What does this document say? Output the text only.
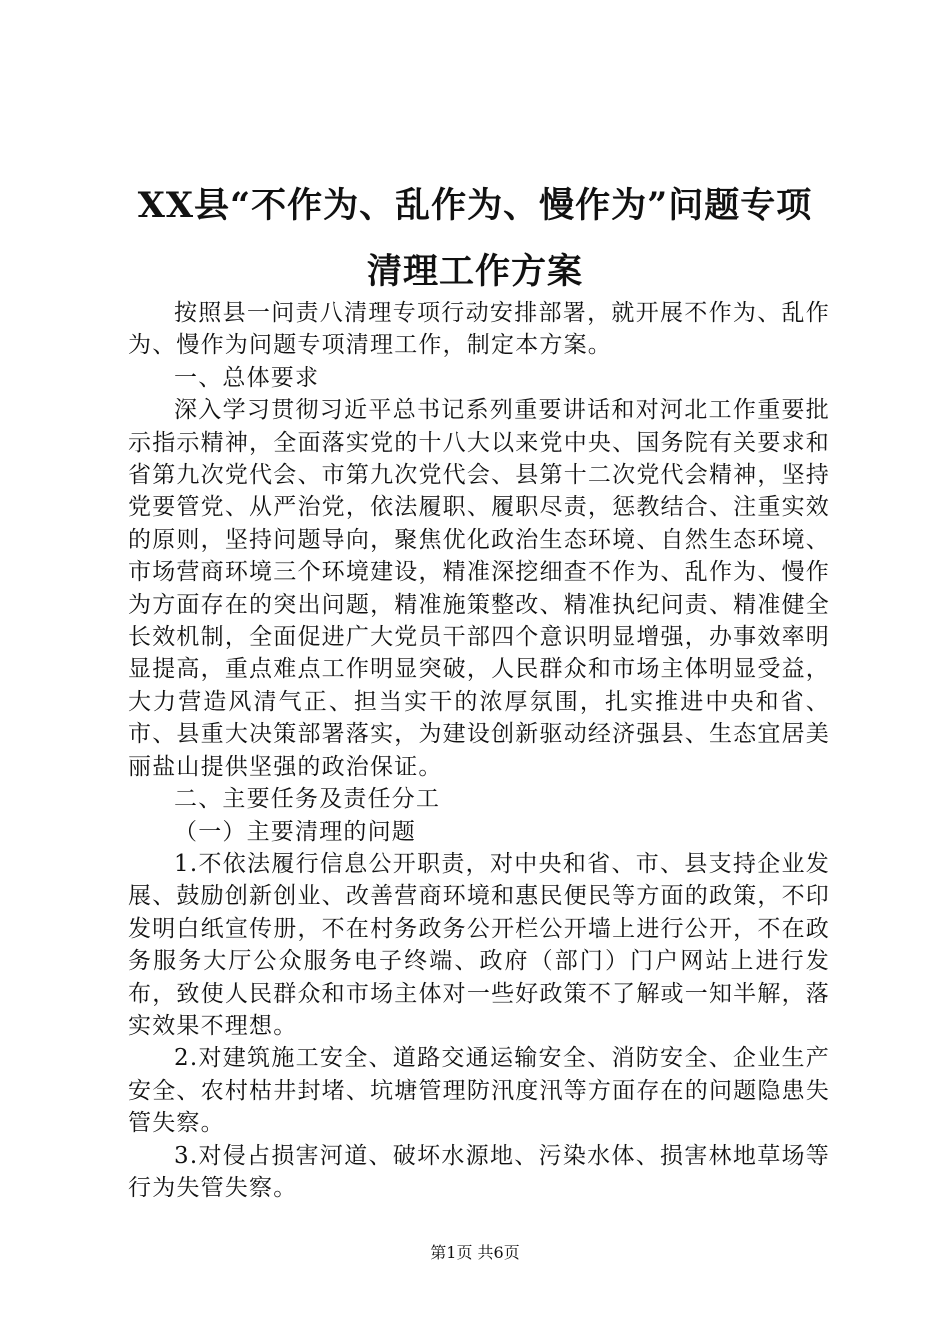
XX县“不作为、乱作为、慢作为”问题专项
清理工作方案

按照县一问责八清理专项行动安排部署，就开展不作为、乱作为、慢作为问题专项清理工作，制定本方案。

一、总体要求

深入学习贯彻习近平总书记系列重要讲话和对河北工作重要批示指示精神，全面落实党的十八大以来党中央、国务院有关要求和省第九次党代会、市第九次党代会、县第十二次党代会精神，坚持党要管党、从严治党，依法履职、履职尽责，惩教结合、注重实效的原则，坚持问题导向，聚焦优化政治生态环境、自然生态环境、市场营商环境三个环境建设，精准深挖细查不作为、乱作为、慢作为方面存在的突出问题，精准施策整改、精准执纪问责、精准健全长效机制，全面促进广大党员干部四个意识明显增强，办事效率明显提高，重点难点工作明显突破，人民群众和市场主体明显受益，大力营造风清气正、担当实干的浓厚氛围，扎实推进中央和省、市、县重大决策部署落实，为建设创新驱动经济强县、生态宜居美丽盐山提供坚强的政治保证。

二、主要任务及责任分工

（一）主要清理的问题

1.不依法履行信息公开职责，对中央和省、市、县支持企业发展、鼓励创新创业、改善营商环境和惠民便民等方面的政策，不印发明白纸宣传册，不在村务政务公开栏公开墙上进行公开，不在政务服务大厅公众服务电子终端、政府（部门）门户网站上进行发布，致使人民群众和市场主体对一些好政策不了解或一知半解，落实效果不理想。

2.对建筑施工安全、道路交通运输安全、消防安全、企业生产安全、农村枯井封堵、坑塘管理防汛度汛等方面存在的问题隐患失管失察。

3.对侵占损害河道、破坏水源地、污染水体、损害林地草场等行为失管失察。

第1页 共6页
